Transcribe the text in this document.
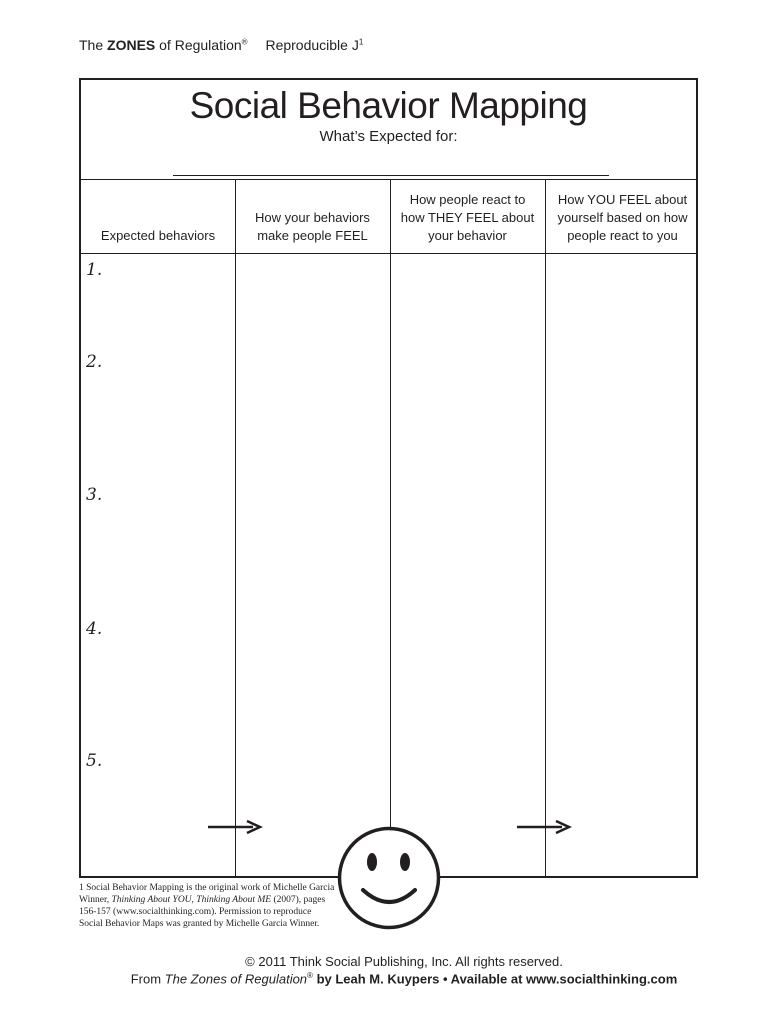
The ZONES of Regulation® Reproducible $J^1$
Social Behavior Mapping
What’s Expected for:
Expected behaviors
How your behaviors make people FEEL
How people react to how THEY FEEL about your behavior
How YOU FEEL about yourself based on how people react to you
1.
2.
3.
4.
5.
1 Social Behavior Mapping is the original work of Michelle Garcia Winner, Thinking About YOU, Thinking About ME (2007), pages 156-157 (www.socialthinking.com). Permission to reproduce Social Behavior Maps was granted by Michelle Garcia Winner.
© 2011 Think Social Publishing, Inc. All rights reserved.
From The Zones of Regulation® by Leah M. Kuypers • Available at www.socialthinking.com
